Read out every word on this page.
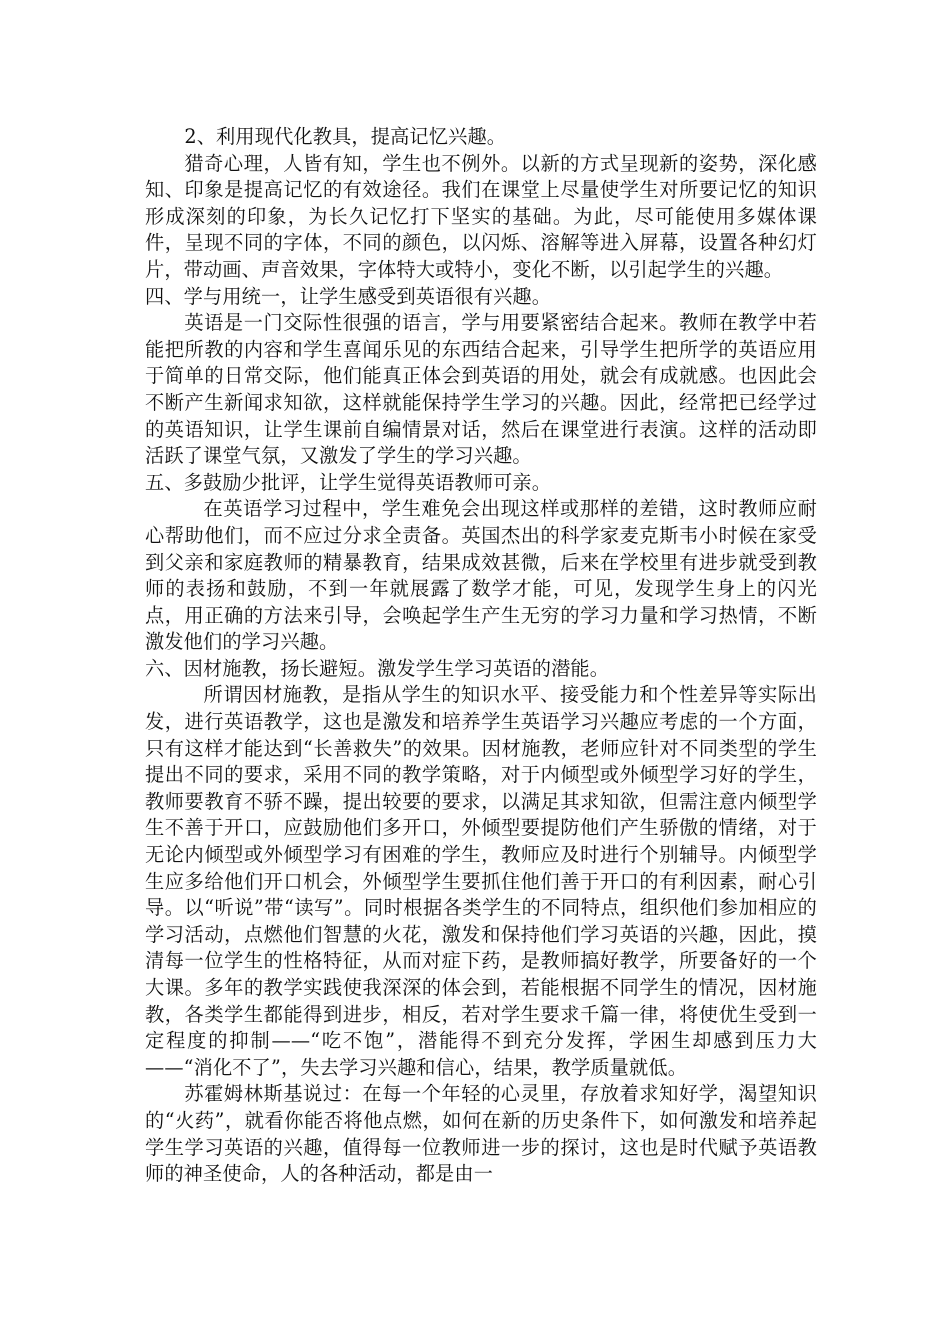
2、利用现代化教具，提高记忆兴趣。

猎奇心理，人皆有知，学生也不例外。以新的方式呈现新的姿势，深化感知、印象是提高记忆的有效途径。我们在课堂上尽量使学生对所要记忆的知识形成深刻的印象，为长久记忆打下坚实的基础。为此，尽可能使用多媒体课件，呈现不同的字体，不同的颜色，以闪烁、溶解等进入屏幕，设置各种幻灯片，带动画、声音效果，字体特大或特小，变化不断，以引起学生的兴趣。

四、学与用统一，让学生感受到英语很有兴趣。

英语是一门交际性很强的语言，学与用要紧密结合起来。教师在教学中若能把所教的内容和学生喜闻乐见的东西结合起来，引导学生把所学的英语应用于简单的日常交际，他们能真正体会到英语的用处，就会有成就感。也因此会不断产生新闻求知欲，这样就能保持学生学习的兴趣。因此，经常把已经学过的英语知识，让学生课前自编情景对话，然后在课堂进行表演。这样的活动即活跃了课堂气氛，又激发了学生的学习兴趣。

五、多鼓励少批评，让学生觉得英语教师可亲。

在英语学习过程中，学生难免会出现这样或那样的差错，这时教师应耐心帮助他们，而不应过分求全责备。英国杰出的科学家麦克斯韦小时候在家受到父亲和家庭教师的精暴教育，结果成效甚微，后来在学校里有进步就受到教师的表扬和鼓励，不到一年就展露了数学才能，可见，发现学生身上的闪光点，用正确的方法来引导，会唤起学生产生无穷的学习力量和学习热情，不断激发他们的学习兴趣。

六、因材施教，扬长避短。激发学生学习英语的潜能。

所谓因材施教，是指从学生的知识水平、接受能力和个性差异等实际出发，进行英语教学，这也是激发和培养学生英语学习兴趣应考虑的一个方面，只有这样才能达到“长善救失”的效果。因材施教，老师应针对不同类型的学生提出不同的要求，采用不同的教学策略，对于内倾型或外倾型学习好的学生，教师要教育不骄不躁，提出较要的要求，以满足其求知欲，但需注意内倾型学生不善于开口，应鼓励他们多开口，外倾型要提防他们产生骄傲的情绪，对于无论内倾型或外倾型学习有困难的学生，教师应及时进行个别辅导。内倾型学生应多给他们开口机会，外倾型学生要抓住他们善于开口的有利因素，耐心引导。以“听说”带“读写”。同时根据各类学生的不同特点，组织他们参加相应的学习活动，点燃他们智慧的火花，激发和保持他们学习英语的兴趣，因此，摸清每一位学生的性格特征，从而对症下药，是教师搞好教学，所要备好的一个大课。多年的教学实践使我深深的体会到，若能根据不同学生的情况，因材施教，各类学生都能得到进步，相反，若对学生要求千篇一律，将使优生受到一定程度的抑制——“吃不饱”，潜能得不到充分发挥，学困生却感到压力大——“消化不了”，失去学习兴趣和信心，结果，教学质量就低。

苏霍姆林斯基说过：在每一个年轻的心灵里，存放着求知好学，渴望知识的“火药”，就看你能否将他点燃，如何在新的历史条件下，如何激发和培养起学生学习英语的兴趣，值得每一位教师进一步的探讨，这也是时代赋予英语教师的神圣使命，人的各种活动，都是由一
